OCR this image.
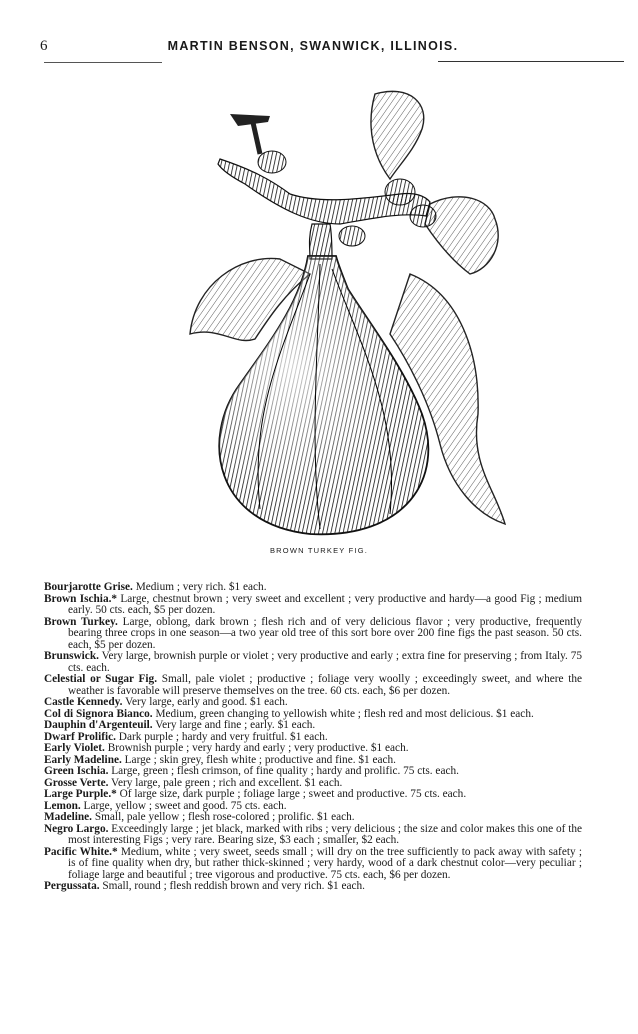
6	MARTIN BENSON, SWANWICK, ILLINOIS.
BROWN TURKEY FIG.

Bourjarotte Grise. Medium ; very rich. $1 each.

Brown Ischia.* Large, chestnut brown ; very sweet and excellent ; very productive and hardy—a good Fig ; medium early. 50 cts. each, $5 per dozen.

Brown Turkey. Large, oblong, dark brown ; flesh rich and of very delicious flavor ; very productive, frequently bearing three crops in one season—a two year old tree of this sort bore over 200 fine figs the past season. 50 cts. each, $5 per dozen.

Brunswick. Very large, brownish purple or violet ; very productive and early ; extra fine for preserving ; from Italy. 75 cts. each.

Celestial or Sugar Fig. Small, pale violet ; productive ; foliage very woolly ; exceedingly sweet, and where the weather is favorable will preserve themselves on the tree. 60 cts. each, $6 per dozen.

Castle Kennedy. Very large, early and good. $1 each.

Col di Signora Bianco. Medium, green changing to yellowish white ; flesh red and most delicious. $1 each.

Dauphin d'Argenteuil. Very large and fine ; early. $1 each.

Dwarf Prolific. Dark purple ; hardy and very fruitful. $1 each.

Early Violet. Brownish purple ; very hardy and early ; very productive. $1 each.

Early Madeline. Large ; skin grey, flesh white ; productive and fine. $1 each.

Green Ischia. Large, green ; flesh crimson, of fine quality ; hardy and prolific. 75 cts. each.

Grosse Verte. Very large, pale green ; rich and excellent. $1 each.

Large Purple.* Of large size, dark purple ; foliage large ; sweet and productive. 75 cts. each.

Lemon. Large, yellow ; sweet and good. 75 cts. each.

Madeline. Small, pale yellow ; flesh rose-colored ; prolific. $1 each.

Negro Largo. Exceedingly large ; jet black, marked with ribs ; very delicious ; the size and color makes this one of the most interesting Figs ; very rare. Bearing size, $3 each ; smaller, $2 each.

Pacific White.* Medium, white ; very sweet, seeds small ; will dry on the tree sufficiently to pack away with safety ; is of fine quality when dry, but rather thick-skinned ; very hardy, wood of a dark chestnut color—very peculiar ; foliage large and beautiful ; tree vigorous and productive. 75 cts. each, $6 per dozen.

Pergussata. Small, round ; flesh reddish brown and very rich. $1 each.
